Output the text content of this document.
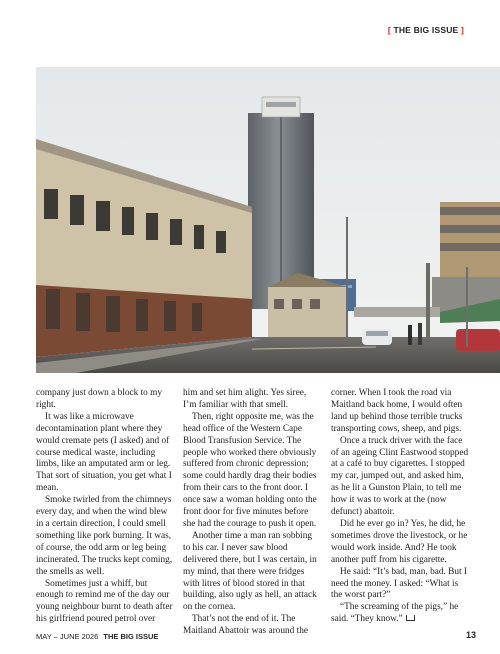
[ THE BIG ISSUE ]

company just down a block to my right.

It was like a microwave decontamination plant where they would cremate pets (I asked) and of course medical waste, including limbs, like an amputated arm or leg. That sort of situation, you get what I mean.

Smoke twirled from the chimneys every day, and when the wind blew in a certain direction, I could smell something like pork burning. It was, of course, the odd arm or leg being incinerated. The trucks kept coming, the smells as well.

Sometimes just a whiff, but enough to remind me of the day our young neighbour burnt to death after his girlfriend poured petrol over

him and set him alight. Yes siree, I’m familiar with that smell.

Then, right opposite me, was the head office of the Western Cape Blood Transfusion Service. The people who worked there obviously suffered from chronic depression; some could hardly drag their bodies from their cars to the front door. I once saw a woman holding onto the front door for five minutes before she had the courage to push it open.

Another time a man ran sobbing to his car. I never saw blood delivered there, but I was certain, in my mind, that there were fridges with litres of blood stored in that building, also ugly as hell, an attack on the cornea.

That’s not the end of it. The Maitland Abattoir was around the

corner. When I took the road via Maitland back home, I would often land up behind those terrible trucks transporting cows, sheep, and pigs.

Once a truck driver with the face of an ageing Clint Eastwood stopped at a café to buy cigarettes. I stopped my car, jumped out, and asked him, as he lit a Gunston Plain, to tell me how it was to work at the (now defunct) abattoir.

Did he ever go in? Yes, he did, he sometimes drove the livestock, or he would work inside. And? He took another puff from his cigarette.

He said: “It’s bad, man, bad. But I need the money. I asked: “What is the worst part?”

“The screaming of the pigs,” he said. “They know.”

MAY – JUNE 2026 THE BIG ISSUE	13
